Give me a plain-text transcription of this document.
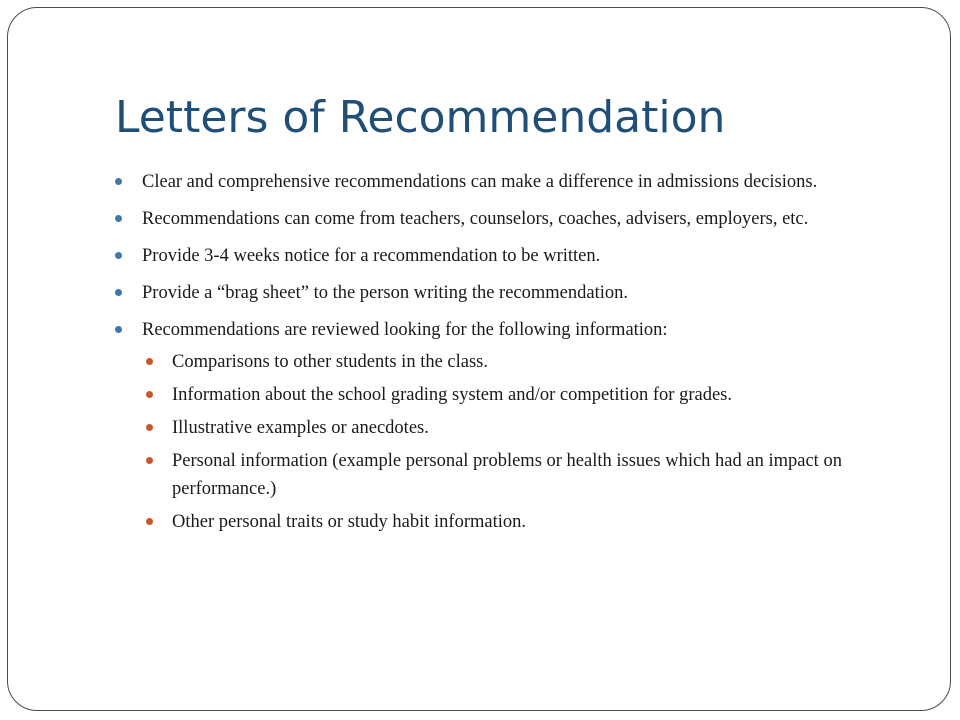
Letters of Recommendation
Clear and comprehensive recommendations can make a difference in admissions decisions.
Recommendations can come from teachers, counselors, coaches, advisers, employers, etc.
Provide 3-4 weeks notice for a recommendation to be written.
Provide a “brag sheet” to the person writing the recommendation.
Recommendations are reviewed looking for the following information:
Comparisons to other students in the class.
Information about the school grading system and/or competition for grades.
Illustrative examples or anecdotes.
Personal information (example personal problems or health issues which had an impact on performance.)
Other personal traits or study habit information.
